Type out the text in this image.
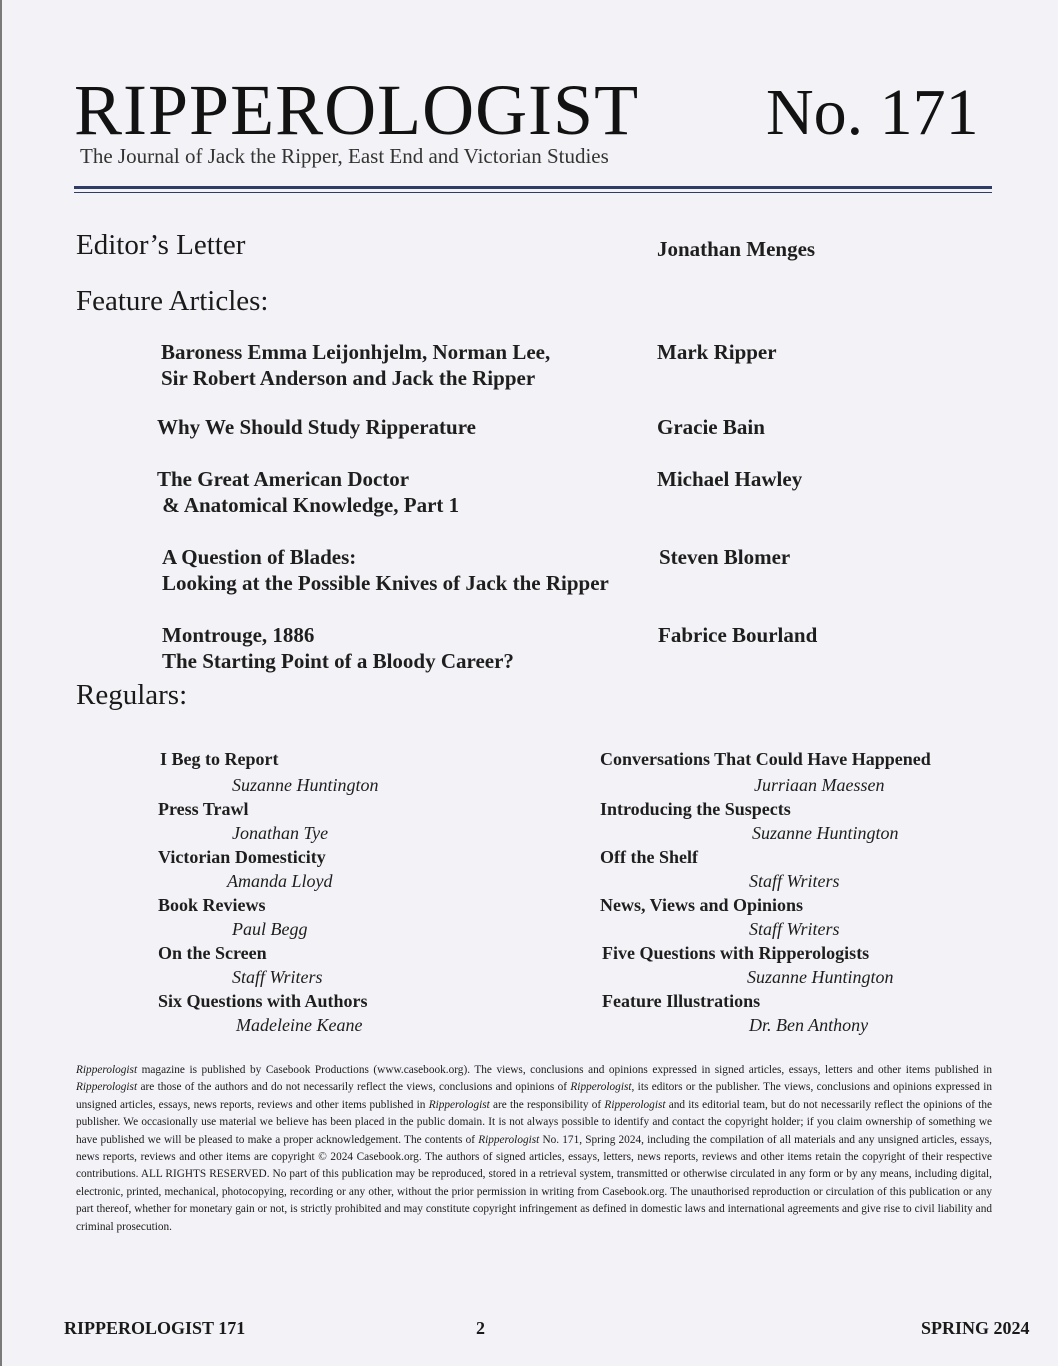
RIPPEROLOGIST No. 171
The Journal of Jack the Ripper, East End and Victorian Studies
Editor’s Letter	Jonathan Menges
Feature Articles:
Baroness Emma Leijonhjelm, Norman Lee,
Sir Robert Anderson and Jack the Ripper
Mark Ripper
Why We Should Study Ripperature	Gracie Bain
The Great American Doctor
& Anatomical Knowledge, Part 1
Michael Hawley
A Question of Blades:
Looking at the Possible Knives of Jack the Ripper
Steven Blomer
Montrouge, 1886
The Starting Point of a Bloody Career?
Fabrice Bourland
Regulars:
I Beg to Report
Suzanne Huntington
Press Trawl
Jonathan Tye
Victorian Domesticity
Amanda Lloyd
Book Reviews
Paul Begg
On the Screen
Staff Writers
Six Questions with Authors
Madeleine Keane
Conversations That Could Have Happened
Jurriaan Maessen
Introducing the Suspects
Suzanne Huntington
Off the Shelf
Staff Writers
News, Views and Opinions
Staff Writers
Five Questions with Ripperologists
Suzanne Huntington
Feature Illustrations
Dr. Ben Anthony
Ripperologist magazine is published by Casebook Productions (www.casebook.org). The views, conclusions and opinions expressed in signed articles, essays, letters and other items published in Ripperologist are those of the authors and do not necessarily reflect the views, conclusions and opinions of Ripperologist, its editors or the publisher. The views, conclusions and opinions expressed in unsigned articles, essays, news reports, reviews and other items published in Ripperologist are the responsibility of Ripperologist and its editorial team, but do not necessarily reflect the opinions of the publisher. We occasionally use material we believe has been placed in the public domain. It is not always possible to identify and contact the copyright holder; if you claim ownership of something we have published we will be pleased to make a proper acknowledgement. The contents of Ripperologist No. 171, Spring 2024, including the compilation of all materials and any unsigned articles, essays, news reports, reviews and other items are copyright © 2024 Casebook.org. The authors of signed articles, essays, letters, news reports, reviews and other items retain the copyright of their respective contributions. ALL RIGHTS RESERVED. No part of this publication may be reproduced, stored in a retrieval system, transmitted or otherwise circulated in any form or by any means, including digital, electronic, printed, mechanical, photocopying, recording or any other, without the prior permission in writing from Casebook.org. The unauthorised reproduction or circulation of this publication or any part thereof, whether for monetary gain or not, is strictly prohibited and may constitute copyright infringement as defined in domestic laws and international agreements and give rise to civil liability and criminal prosecution.
RIPPEROLOGIST 171	2	SPRING 2024
